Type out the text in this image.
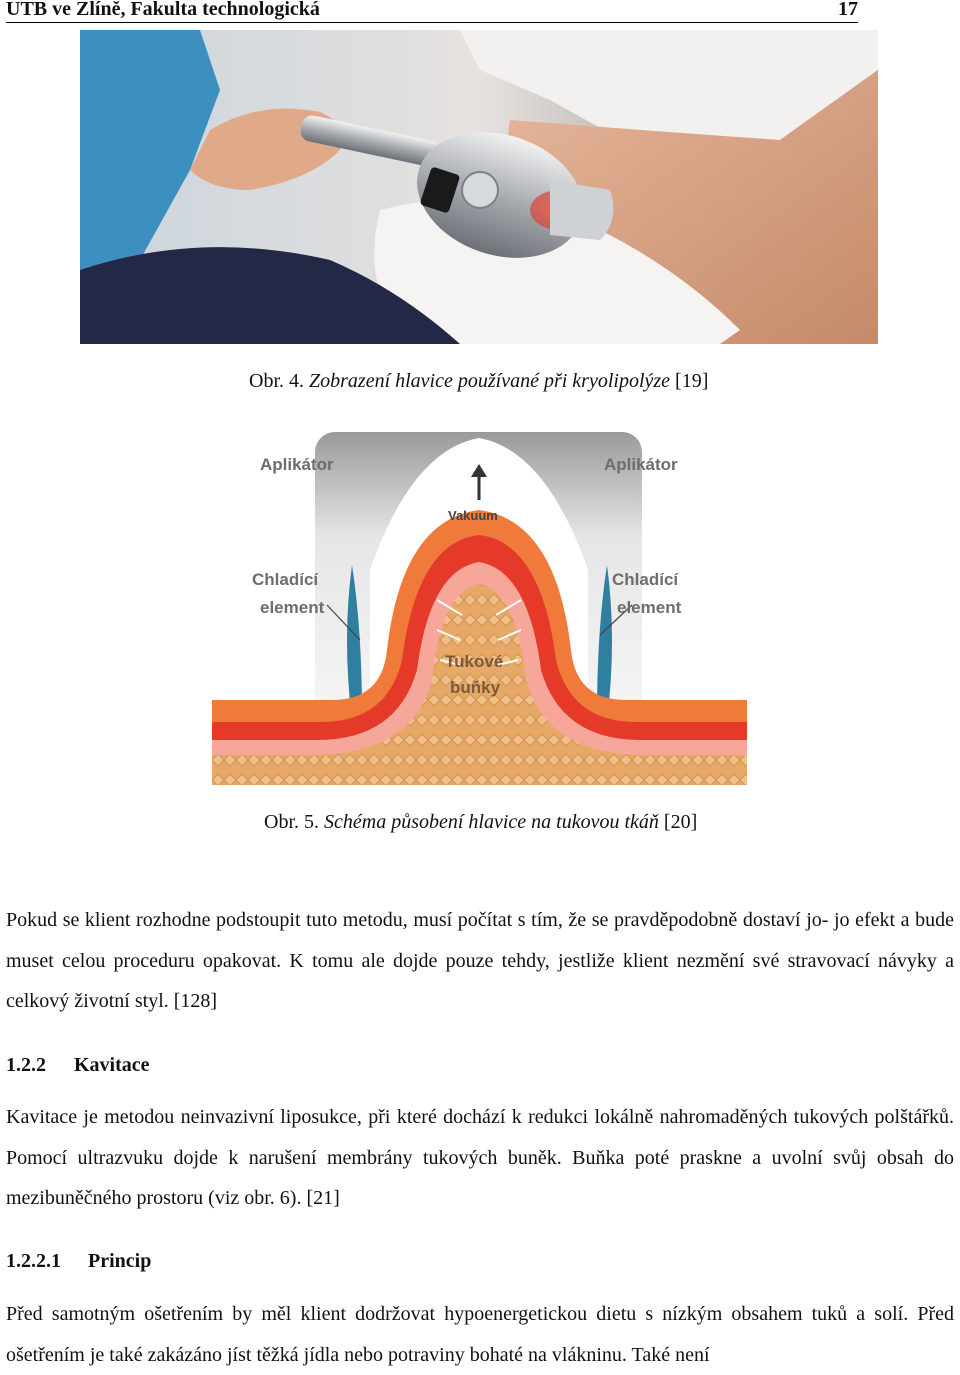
UTB ve Zlíně, Fakulta technologická	17
Obr. 4. Zobrazení hlavice používané při kryolipolýze [19]
Aplikátor	Aplikátor
Vakuum
Chladící
element
Chladící
element
Tukové
buňky
Obr. 5. Schéma působení hlavice na tukovou tkáň [20]

Pokud se klient rozhodne podstoupit tuto metodu, musí počítat s tím, že se pravděpodobně dostaví jo- jo efekt a bude muset celou proceduru opakovat. K tomu ale dojde pouze tehdy, jestliže klient nezmění své stravovací návyky a celkový životní styl. [128]

1.2.2 Kavitace

Kavitace je metodou neinvazivní liposukce, při které dochází k redukci lokálně nahromaděných tukových polštářků. Pomocí ultrazvuku dojde k narušení membrány tukových buněk. Buňka poté praskne a uvolní svůj obsah do mezibuněčného prostoru (viz obr. 6). [21]

1.2.2.1 Princip

Před samotným ošetřením by měl klient dodržovat hypoenergetickou dietu s nízkým obsahem tuků a solí. Před ošetřením je také zakázáno jíst těžká jídla nebo potraviny bohaté na vlákninu. Také není
